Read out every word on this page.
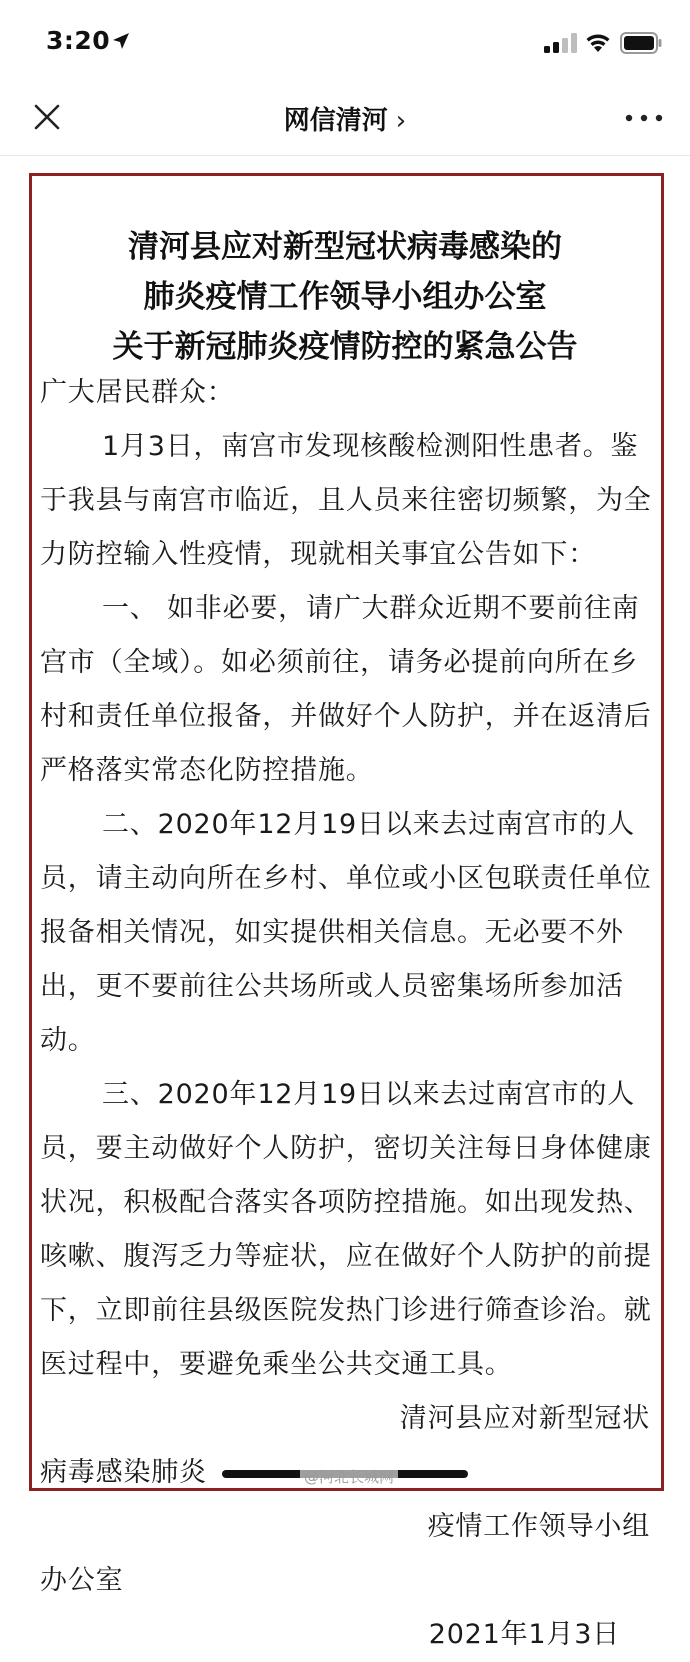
3:20
网信清河 ›
清河县应对新型冠状病毒感染的
肺炎疫情工作领导小组办公室
关于新冠肺炎疫情防控的紧急公告

广大居民群众：

1月3日，南宫市发现核酸检测阳性患者。鉴于我县与南宫市临近，且人员来往密切频繁，为全力防控输入性疫情，现就相关事宜公告如下：

一、 如非必要，请广大群众近期不要前往南宫市（全域）。如必须前往，请务必提前向所在乡村和责任单位报备，并做好个人防护，并在返清后严格落实常态化防控措施。

二、2020年12月19日以来去过南宫市的人员，请主动向所在乡村、单位或小区包联责任单位报备相关情况，如实提供相关信息。无必要不外出，更不要前往公共场所或人员密集场所参加活动。

三、2020年12月19日以来去过南宫市的人员，要主动做好个人防护，密切关注每日身体健康状况，积极配合落实各项防控措施。如出现发热、咳嗽、腹泻乏力等症状，应在做好个人防护的前提下，立即前往县级医院发热门诊进行筛查诊治。就医过程中，要避免乘坐公共交通工具。

清河县应对新型冠状

病毒感染肺炎

疫情工作领导小组

办公室

2021年1月3日

@河北长城网
